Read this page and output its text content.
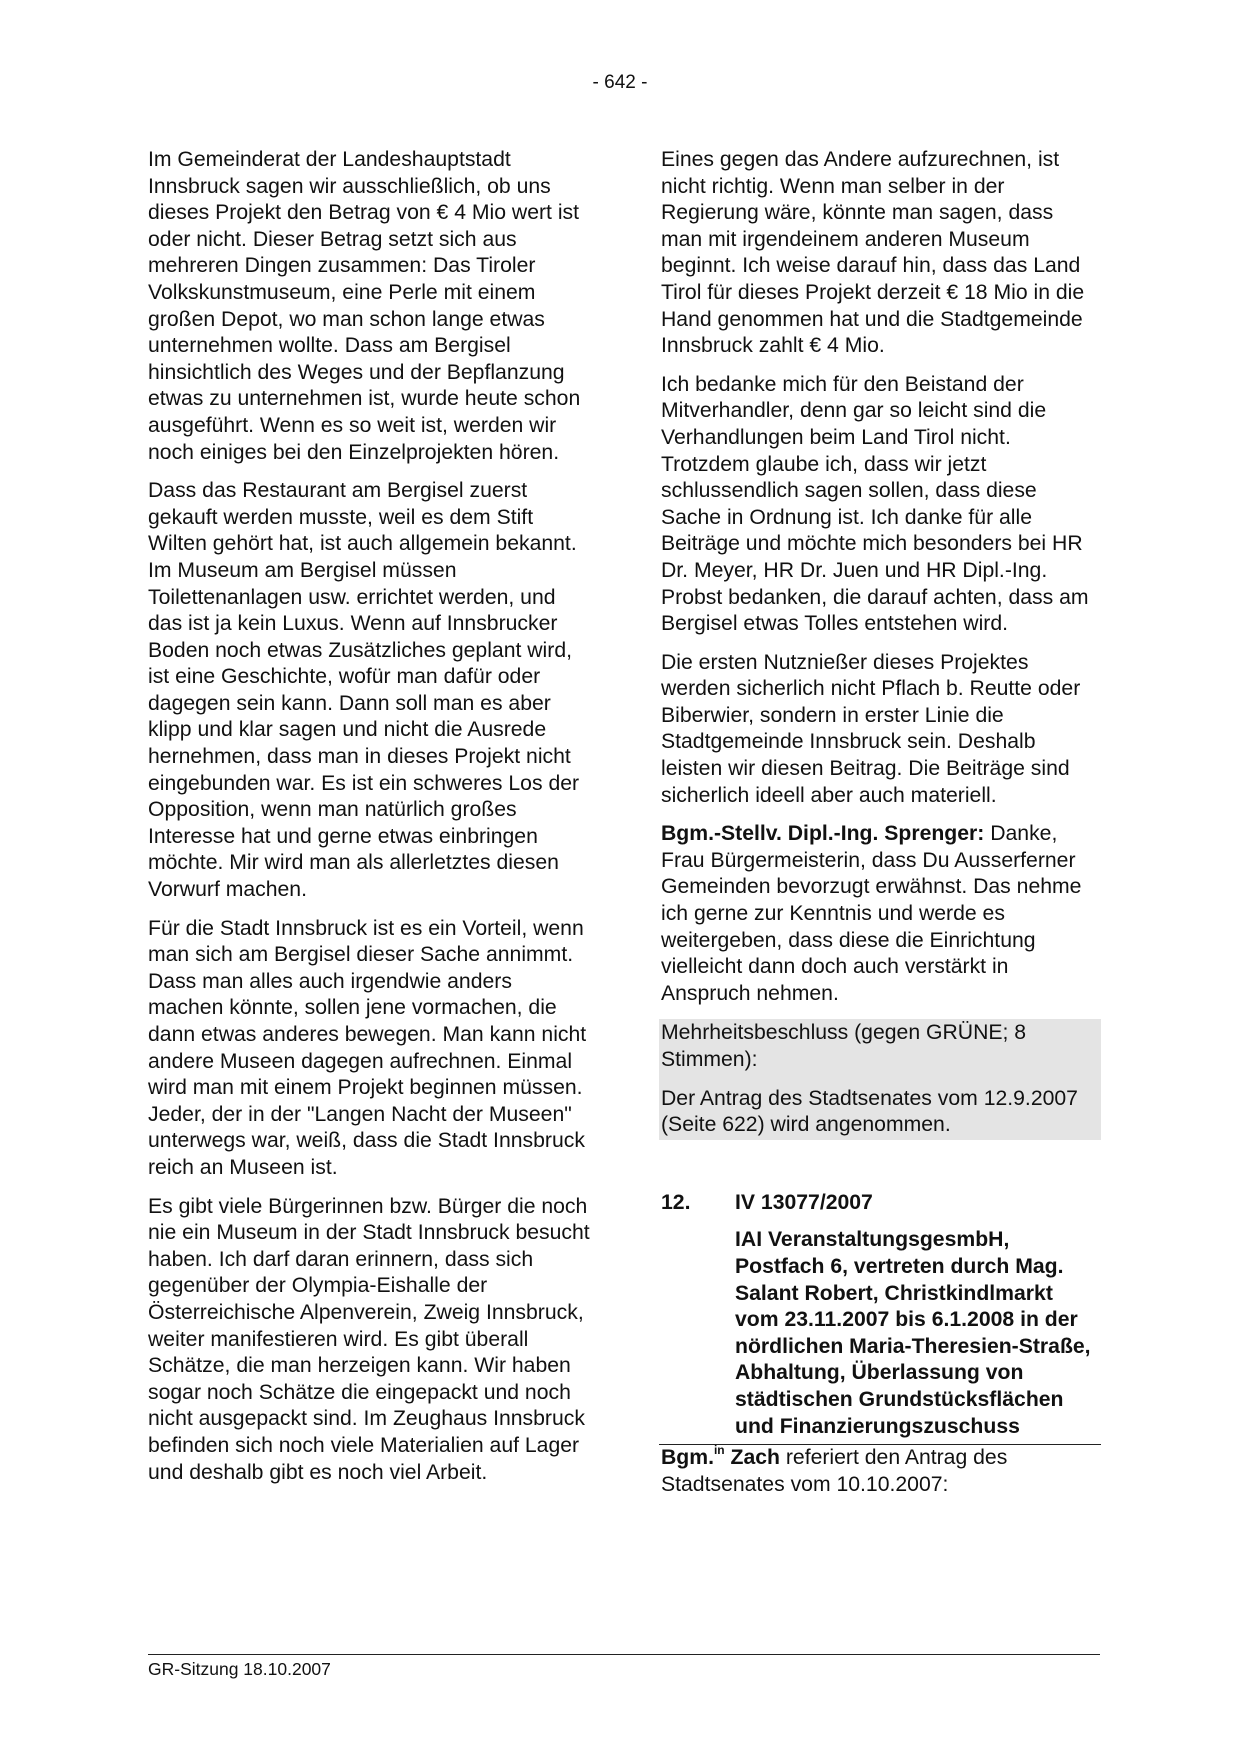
- 642 -

Im Gemeinderat der Landeshauptstadt Innsbruck sagen wir ausschließlich, ob uns dieses Projekt den Betrag von € 4 Mio wert ist oder nicht. Dieser Betrag setzt sich aus mehreren Dingen zusammen: Das Tiroler Volkskunstmuseum, eine Perle mit einem großen Depot, wo man schon lange etwas unternehmen wollte. Dass am Bergisel hinsichtlich des Weges und der Bepflanzung etwas zu unternehmen ist, wurde heute schon ausgeführt. Wenn es so weit ist, werden wir noch einiges bei den Einzelprojekten hören.

Dass das Restaurant am Bergisel zuerst gekauft werden musste, weil es dem Stift Wilten gehört hat, ist auch allgemein bekannt. Im Museum am Bergisel müssen Toilettenanlagen usw. errichtet werden, und das ist ja kein Luxus. Wenn auf Innsbrucker Boden noch etwas Zusätzliches geplant wird, ist eine Geschichte, wofür man dafür oder dagegen sein kann. Dann soll man es aber klipp und klar sagen und nicht die Ausrede hernehmen, dass man in dieses Projekt nicht eingebunden war. Es ist ein schweres Los der Opposition, wenn man natürlich großes Interesse hat und gerne etwas einbringen möchte. Mir wird man als allerletztes diesen Vorwurf machen.

Für die Stadt Innsbruck ist es ein Vorteil, wenn man sich am Bergisel dieser Sache annimmt. Dass man alles auch irgendwie anders machen könnte, sollen jene vormachen, die dann etwas anderes bewegen. Man kann nicht andere Museen dagegen aufrechnen. Einmal wird man mit einem Projekt beginnen müssen. Jeder, der in der "Langen Nacht der Museen" unterwegs war, weiß, dass die Stadt Innsbruck reich an Museen ist.

Es gibt viele Bürgerinnen bzw. Bürger die noch nie ein Museum in der Stadt Innsbruck besucht haben. Ich darf daran erinnern, dass sich gegenüber der Olympia-Eishalle der Österreichische Alpenverein, Zweig Innsbruck, weiter manifestieren wird. Es gibt überall Schätze, die man herzeigen kann. Wir haben sogar noch Schätze die eingepackt und noch nicht ausgepackt sind. Im Zeughaus Innsbruck befinden sich noch viele Materialien auf Lager und deshalb gibt es noch viel Arbeit.

Eines gegen das Andere aufzurechnen, ist nicht richtig. Wenn man selber in der Regierung wäre, könnte man sagen, dass man mit irgendeinem anderen Museum beginnt. Ich weise darauf hin, dass das Land Tirol für dieses Projekt derzeit € 18 Mio in die Hand genommen hat und die Stadtgemeinde Innsbruck zahlt € 4 Mio.

Ich bedanke mich für den Beistand der Mitverhandler, denn gar so leicht sind die Verhandlungen beim Land Tirol nicht. Trotzdem glaube ich, dass wir jetzt schlussendlich sagen sollen, dass diese Sache in Ordnung ist. Ich danke für alle Beiträge und möchte mich besonders bei HR Dr. Meyer, HR Dr. Juen und HR Dipl.-Ing. Probst bedanken, die darauf achten, dass am Bergisel etwas Tolles entstehen wird.

Die ersten Nutznießer dieses Projektes werden sicherlich nicht Pflach b. Reutte oder Biberwier, sondern in erster Linie die Stadtgemeinde Innsbruck sein. Deshalb leisten wir diesen Beitrag. Die Beiträge sind sicherlich ideell aber auch materiell.

Bgm.-Stellv. Dipl.-Ing. Sprenger: Danke, Frau Bürgermeisterin, dass Du Ausserferner Gemeinden bevorzugt erwähnst. Das nehme ich gerne zur Kenntnis und werde es weitergeben, dass diese die Einrichtung vielleicht dann doch auch verstärkt in Anspruch nehmen.

Mehrheitsbeschluss (gegen GRÜNE; 8 Stimmen):

Der Antrag des Stadtsenates vom 12.9.2007 (Seite 622) wird angenommen.

12.	IV 13077/2007
IAI VeranstaltungsgesmbH, Postfach 6, vertreten durch Mag. Salant Robert, Christkindlmarkt vom 23.11.2007 bis 6.1.2008 in der nördlichen Maria-Theresien-Straße, Abhaltung, Überlassung von städtischen Grundstücksflächen und Finanzierungszuschuss

Bgm.$^{in}$ Zach referiert den Antrag des Stadtsenates vom 10.10.2007:

GR-Sitzung 18.10.2007
